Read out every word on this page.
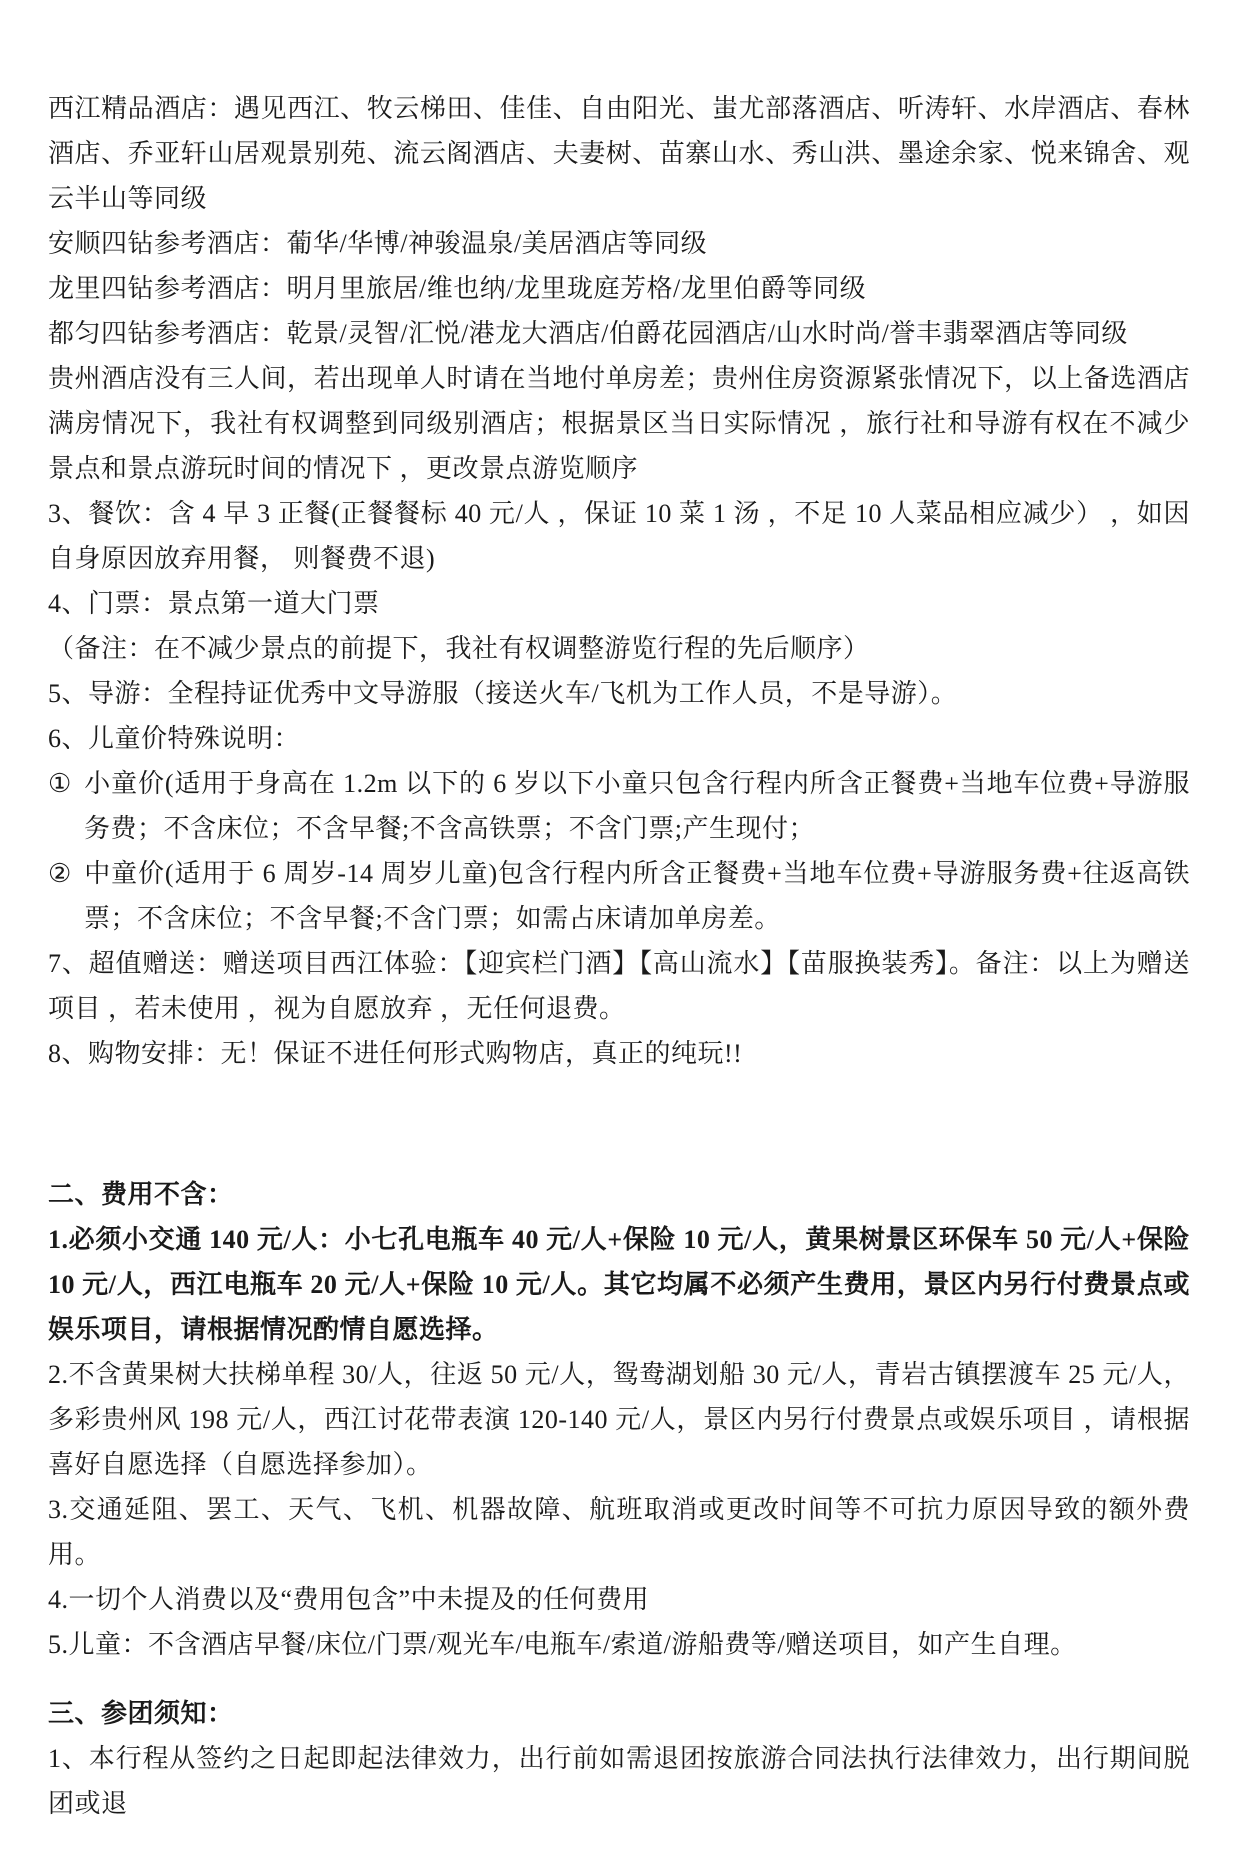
西江精品酒店：遇见西江、牧云梯田、佳佳、自由阳光、蚩尤部落酒店、听涛轩、水岸酒店、春林酒店、乔亚轩山居观景别苑、流云阁酒店、夫妻树、苗寨山水、秀山洪、墨途余家、悦来锦舍、观云半山等同级

安顺四钻参考酒店：葡华/华博/神骏温泉/美居酒店等同级

龙里四钻参考酒店：明月里旅居/维也纳/龙里珑庭芳格/龙里伯爵等同级

都匀四钻参考酒店：乾景/灵智/汇悦/港龙大酒店/伯爵花园酒店/山水时尚/誉丰翡翠酒店等同级

贵州酒店没有三人间，若出现单人时请在当地付单房差；贵州住房资源紧张情况下，以上备选酒店满房情况下，我社有权调整到同级别酒店；根据景区当日实际情况 ，旅行社和导游有权在不减少景点和景点游玩时间的情况下 ，更改景点游览顺序

3、餐饮：含 4 早 3 正餐(正餐餐标 40 元/人 ，保证 10 菜 1 汤 ，不足 10 人菜品相应减少） ，如因自身原因放弃用餐， 则餐费不退)

4、门票：景点第一道大门票

（备注：在不减少景点的前提下，我社有权调整游览行程的先后顺序）

5、导游：全程持证优秀中文导游服（接送火车/飞机为工作人员，不是导游）。

6、儿童价特殊说明：

① 小童价(适用于身高在 1.2m 以下的 6 岁以下小童只包含行程内所含正餐费+当地车位费+导游服务费；不含床位；不含早餐;不含高铁票；不含门票;产生现付；

② 中童价(适用于 6 周岁-14 周岁儿童)包含行程内所含正餐费+当地车位费+导游服务费+往返高铁票；不含床位；不含早餐;不含门票；如需占床请加单房差。

7、超值赠送：赠送项目西江体验：【迎宾栏门酒】【高山流水】【苗服换装秀】。备注：以上为赠送项目 ，若未使用 ，视为自愿放弃 ，无任何退费。

8、购物安排：无！保证不进任何形式购物店，真正的纯玩!!

二、费用不含：

1.必须小交通 140 元/人：小七孔电瓶车 40 元/人+保险 10 元/人，黄果树景区环保车 50 元/人+保险 10 元/人，西江电瓶车 20 元/人+保险 10 元/人。其它均属不必须产生费用，景区内另行付费景点或娱乐项目，请根据情况酌情自愿选择。

2.不含黄果树大扶梯单程 30/人，往返 50 元/人，鸳鸯湖划船 30 元/人，青岩古镇摆渡车 25 元/人，多彩贵州风 198 元/人，西江讨花带表演 120-140 元/人，景区内另行付费景点或娱乐项目 ，请根据喜好自愿选择（自愿选择参加）。

3.交通延阻、罢工、天气、飞机、机器故障、航班取消或更改时间等不可抗力原因导致的额外费用。

4.一切个人消费以及“费用包含”中未提及的任何费用

5.儿童：不含酒店早餐/床位/门票/观光车/电瓶车/索道/游船费等/赠送项目，如产生自理。

三、参团须知：

1、本行程从签约之日起即起法律效力，出行前如需退团按旅游合同法执行法律效力，出行期间脱团或退
